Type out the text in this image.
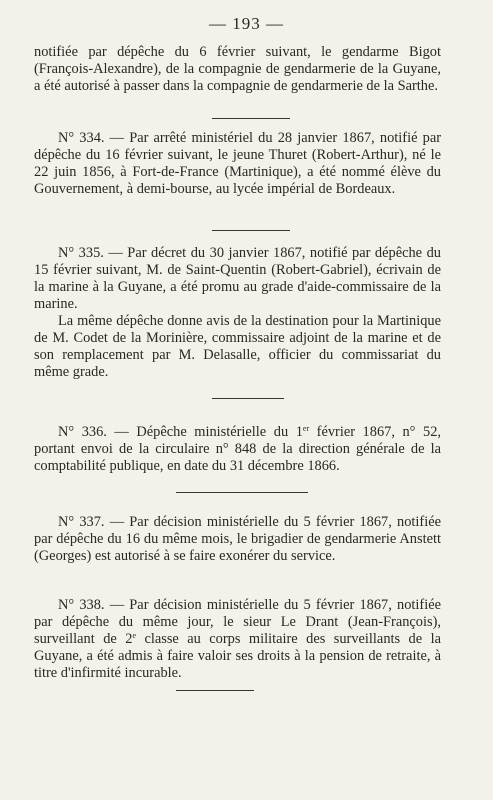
— 193 —

notifiée par dépêche du 6 février suivant, le gendarme Bigot (François-Alexandre), de la compagnie de gendarmerie de la Guyane, a été autorisé à passer dans la compagnie de gendarmerie de la Sarthe.

N° 334. — Par arrêté ministériel du 28 janvier 1867, notifié par dépêche du 16 février suivant, le jeune Thuret (Robert-Arthur), né le 22 juin 1856, à Fort-de-France (Martinique), a été nommé élève du Gouvernement, à demi-bourse, au lycée impérial de Bordeaux.

N° 335. — Par décret du 30 janvier 1867, notifié par dépêche du 15 février suivant, M. de Saint-Quentin (Robert-Gabriel), écrivain de la marine à la Guyane, a été promu au grade d'aide-commissaire de la marine.

La même dépêche donne avis de la destination pour la Martinique de M. Codet de la Morinière, commissaire adjoint de la marine et de son remplacement par M. Delasalle, officier du commissariat du même grade.

N° 336. — Dépêche ministérielle du 1er février 1867, n° 52, portant envoi de la circulaire n° 848 de la direction générale de la comptabilité publique, en date du 31 décembre 1866.

N° 337. — Par décision ministérielle du 5 février 1867, notifiée par dépêche du 16 du même mois, le brigadier de gendarmerie Anstett (Georges) est autorisé à se faire exonérer du service.

N° 338. — Par décision ministérielle du 5 février 1867, notifiée par dépêche du même jour, le sieur Le Drant (Jean-François), surveillant de 2e classe au corps militaire des surveillants de la Guyane, a été admis à faire valoir ses droits à la pension de retraite, à titre d'infirmité incurable.
